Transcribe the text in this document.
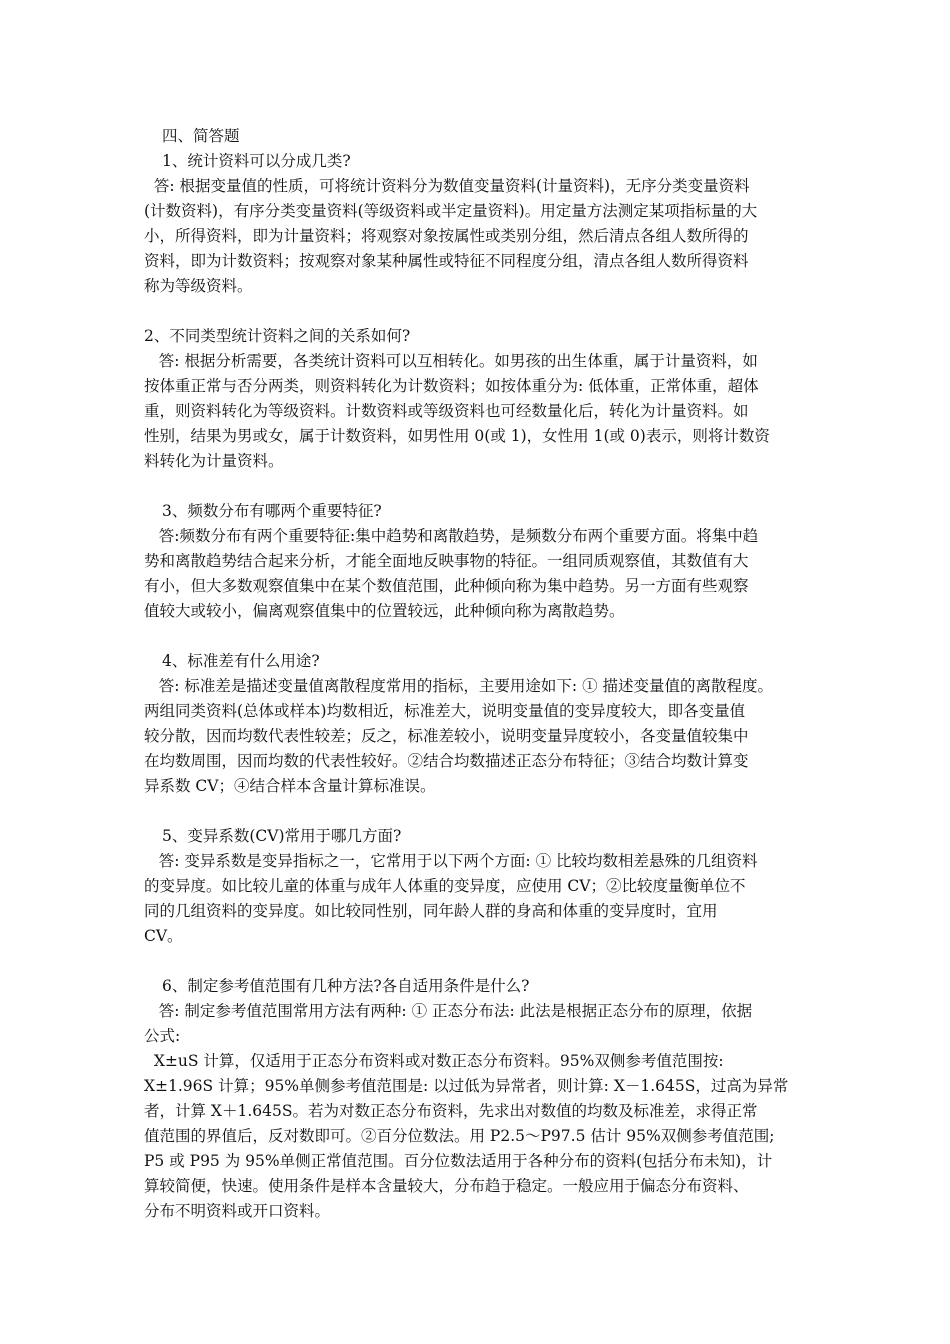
四、简答题
1、统计资料可以分成几类?
答: 根据变量值的性质，可将统计资料分为数值变量资料(计量资料)，无序分类变量资料
(计数资料)，有序分类变量资料(等级资料或半定量资料)。用定量方法测定某项指标量的大
小，所得资料，即为计量资料；将观察对象按属性或类别分组，然后清点各组人数所得的
资料，即为计数资料；按观察对象某种属性或特征不同程度分组，清点各组人数所得资料
称为等级资料。
2、不同类型统计资料之间的关系如何?
答: 根据分析需要，各类统计资料可以互相转化。如男孩的出生体重，属于计量资料，如
按体重正常与否分两类，则资料转化为计数资料；如按体重分为: 低体重，正常体重，超体
重，则资料转化为等级资料。计数资料或等级资料也可经数量化后，转化为计量资料。如
性别，结果为男或女，属于计数资料，如男性用 0(或 1)，女性用 1(或 0)表示，则将计数资
料转化为计量资料。
3、频数分布有哪两个重要特征?
答:频数分布有两个重要特征:集中趋势和离散趋势，是频数分布两个重要方面。将集中趋
势和离散趋势结合起来分析，才能全面地反映事物的特征。一组同质观察值，其数值有大
有小，但大多数观察值集中在某个数值范围，此种倾向称为集中趋势。另一方面有些观察
值较大或较小，偏离观察值集中的位置较远，此种倾向称为离散趋势。
4、标准差有什么用途?
答: 标准差是描述变量值离散程度常用的指标，主要用途如下: ① 描述变量值的离散程度。
两组同类资料(总体或样本)均数相近，标准差大，说明变量值的变异度较大，即各变量值
较分散，因而均数代表性较差；反之，标准差较小，说明变量异度较小，各变量值较集中
在均数周围，因而均数的代表性较好。②结合均数描述正态分布特征；③结合均数计算变
异系数 CV；④结合样本含量计算标准误。
5、变异系数(CV)常用于哪几方面?
答: 变异系数是变异指标之一，它常用于以下两个方面: ① 比较均数相差悬殊的几组资料
的变异度。如比较儿童的体重与成年人体重的变异度，应使用 CV；②比较度量衡单位不
同的几组资料的变异度。如比较同性别，同年龄人群的身高和体重的变异度时，宜用
CV。
6、制定参考值范围有几种方法?各自适用条件是什么?
答: 制定参考值范围常用方法有两种: ① 正态分布法: 此法是根据正态分布的原理，依据
公式:
X±uS 计算，仅适用于正态分布资料或对数正态分布资料。95%双侧参考值范围按:
X±1.96S 计算；95%单侧参考值范围是: 以过低为异常者，则计算: X－1.645S，过高为异常
者，计算 X＋1.645S。若为对数正态分布资料，先求出对数值的均数及标准差，求得正常
值范围的界值后，反对数即可。②百分位数法。用 P2.5～P97.5 估计 95%双侧参考值范围;
P5 或 P95 为 95%单侧正常值范围。百分位数法适用于各种分布的资料(包括分布未知)，计
算较简便，快速。使用条件是样本含量较大，分布趋于稳定。一般应用于偏态分布资料、
分布不明资料或开口资料。
